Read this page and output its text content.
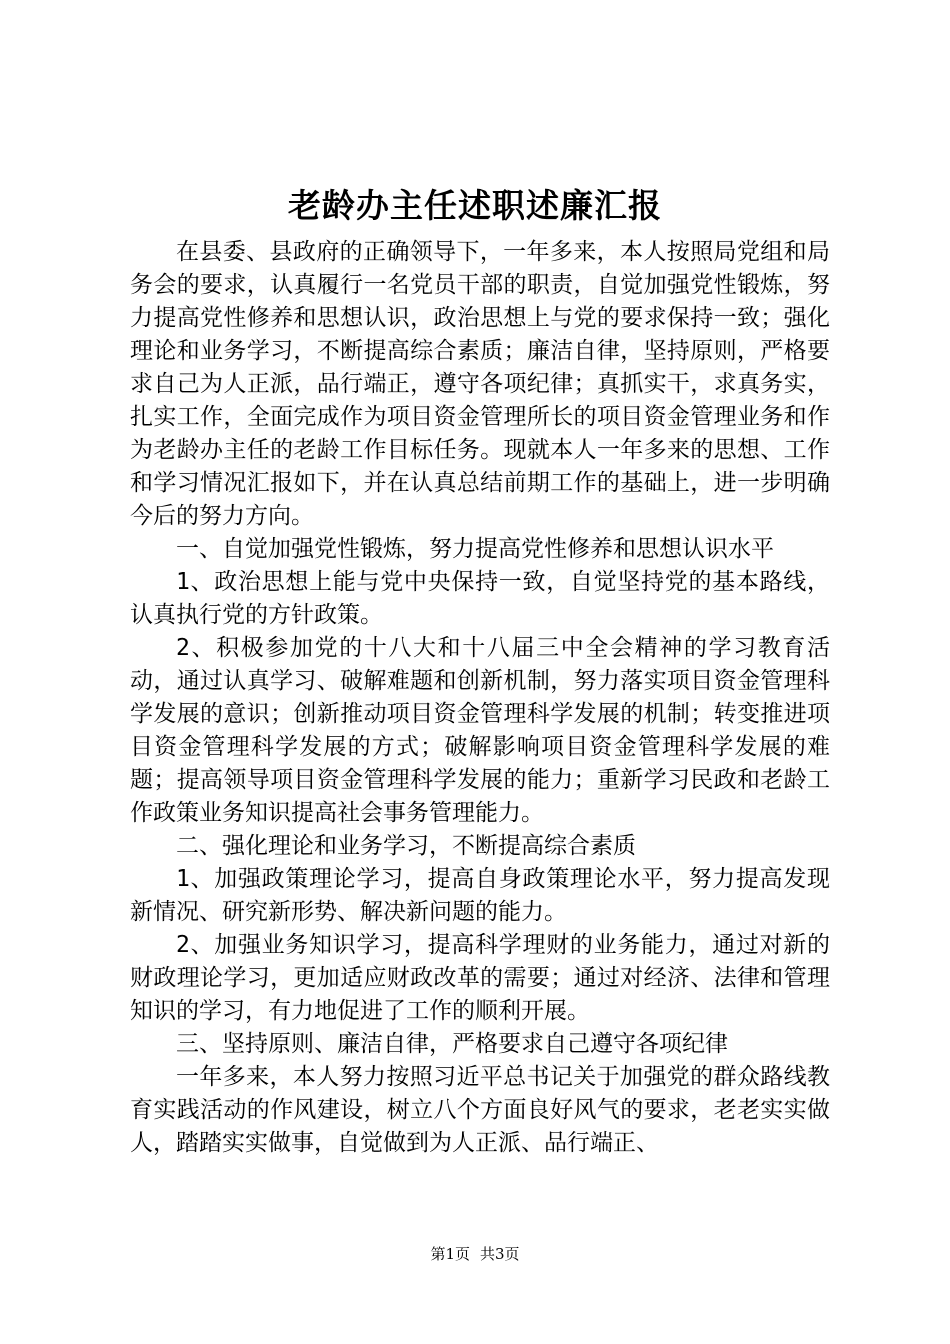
老龄办主任述职述廉汇报

在县委、县政府的正确领导下，一年多来，本人按照局党组和局务会的要求，认真履行一名党员干部的职责，自觉加强党性锻炼，努力提高党性修养和思想认识，政治思想上与党的要求保持一致；强化理论和业务学习，不断提高综合素质；廉洁自律，坚持原则，严格要求自己为人正派，品行端正，遵守各项纪律；真抓实干，求真务实，扎实工作，全面完成作为项目资金管理所长的项目资金管理业务和作为老龄办主任的老龄工作目标任务。现就本人一年多来的思想、工作和学习情况汇报如下，并在认真总结前期工作的基础上，进一步明确今后的努力方向。

一、自觉加强党性锻炼，努力提高党性修养和思想认识水平

1、政治思想上能与党中央保持一致，自觉坚持党的基本路线，认真执行党的方针政策。

2、积极参加党的十八大和十八届三中全会精神的学习教育活动，通过认真学习、破解难题和创新机制，努力落实项目资金管理科学发展的意识；创新推动项目资金管理科学发展的机制；转变推进项目资金管理科学发展的方式；破解影响项目资金管理科学发展的难题；提高领导项目资金管理科学发展的能力；重新学习民政和老龄工作政策业务知识提高社会事务管理能力。

二、强化理论和业务学习，不断提高综合素质

1、加强政策理论学习，提高自身政策理论水平，努力提高发现新情况、研究新形势、解决新问题的能力。

2、加强业务知识学习，提高科学理财的业务能力，通过对新的财政理论学习，更加适应财政改革的需要；通过对经济、法律和管理知识的学习，有力地促进了工作的顺利开展。

三、坚持原则、廉洁自律，严格要求自己遵守各项纪律

一年多来，本人努力按照习近平总书记关于加强党的群众路线教育实践活动的作风建设，树立八个方面良好风气的要求，老老实实做人，踏踏实实做事，自觉做到为人正派、品行端正、

第1页 共3页
